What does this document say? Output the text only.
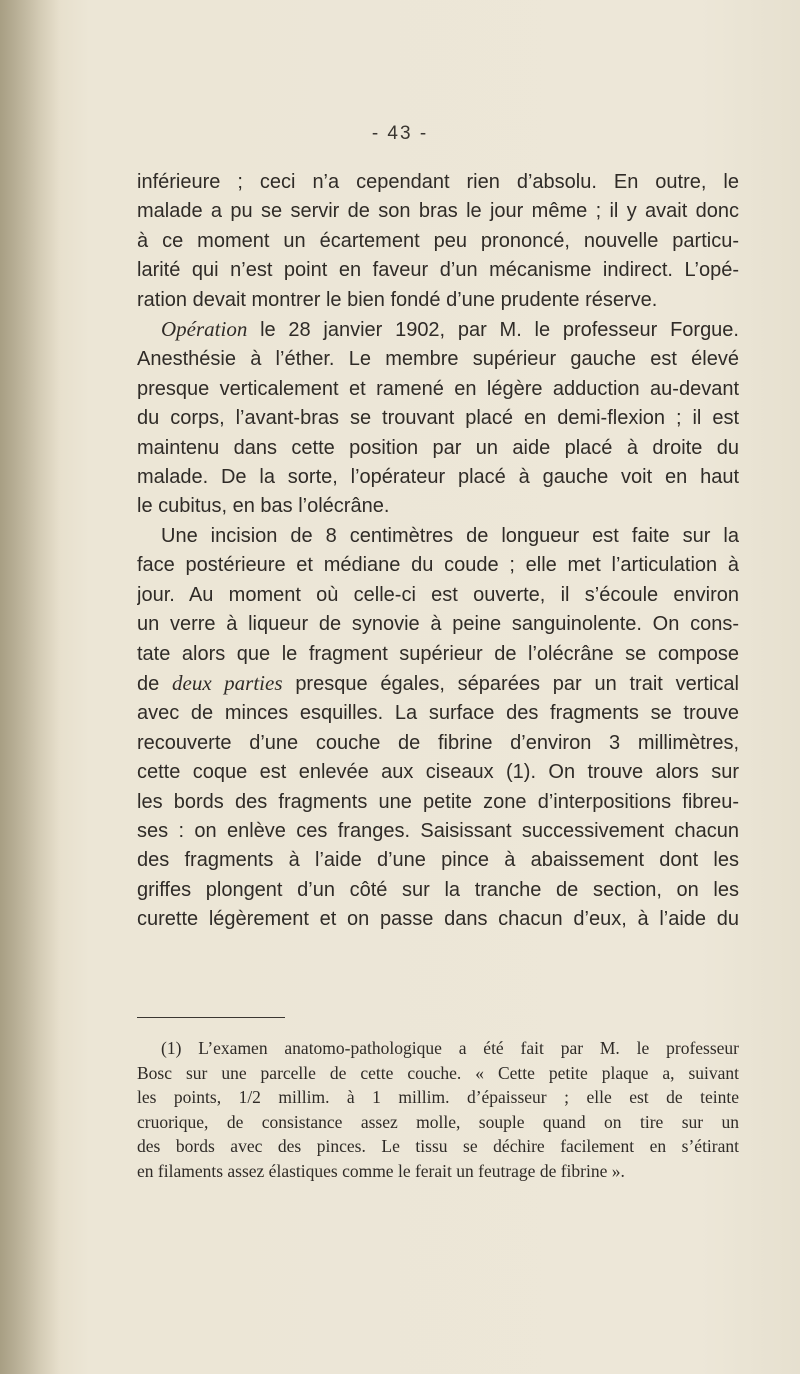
- 43 -
inférieure ; ceci n’a cependant rien d’absolu. En outre, le
malade a pu se servir de son bras le jour même ; il y avait donc
à ce moment un écartement peu prononcé, nouvelle particu-
larité qui n’est point en faveur d’un mécanisme indirect. L’opé-
ration devait montrer le bien fondé d’une prudente réserve.
Opération le 28 janvier 1902, par M. le professeur Forgue.
Anesthésie à l’éther. Le membre supérieur gauche est élevé
presque verticalement et ramené en légère adduction au-devant
du corps, l’avant-bras se trouvant placé en demi-flexion ; il est
maintenu dans cette position par un aide placé à droite du
malade. De la sorte, l’opérateur placé à gauche voit en haut
le cubitus, en bas l’olécrâne.
Une incision de 8 centimètres de longueur est faite sur la
face postérieure et médiane du coude ; elle met l’articulation à
jour. Au moment où celle-ci est ouverte, il s’écoule environ
un verre à liqueur de synovie à peine sanguinolente. On cons-
tate alors que le fragment supérieur de l’olécrâne se compose
de deux parties presque égales, séparées par un trait vertical
avec de minces esquilles. La surface des fragments se trouve
recouverte d’une couche de fibrine d’environ 3 millimètres,
cette coque est enlevée aux ciseaux (1). On trouve alors sur
les bords des fragments une petite zone d’interpositions fibreu-
ses : on enlève ces franges. Saisissant successivement chacun
des fragments à l’aide d’une pince à abaissement dont les
griffes plongent d’un côté sur la tranche de section, on les
curette légèrement et on passe dans chacun d’eux, à l’aide du
(1) L’examen anatomo-pathologique a été fait par M. le professeur
Bosc sur une parcelle de cette couche. « Cette petite plaque a, suivant
les points, 1/2 millim. à 1 millim. d’épaisseur ; elle est de teinte
cruorique, de consistance assez molle, souple quand on tire sur un
des bords avec des pinces. Le tissu se déchire facilement en s’étirant
en filaments assez élastiques comme le ferait un feutrage de fibrine ».
